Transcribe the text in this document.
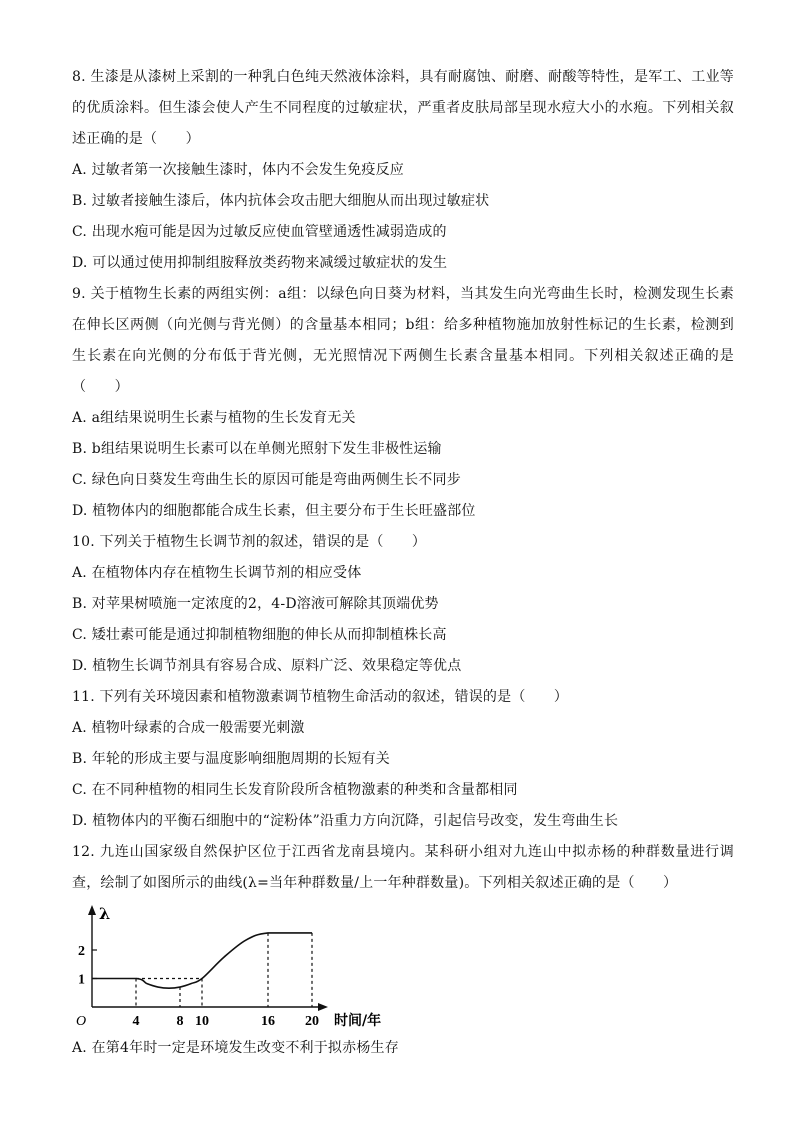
8. 生漆是从漆树上采割的一种乳白色纯天然液体涂料，具有耐腐蚀、耐磨、耐酸等特性，是军工、工业等的优质涂料。但生漆会使人产生不同程度的过敏症状，严重者皮肤局部呈现水痘大小的水疱。下列相关叙述正确的是（　　）

A. 过敏者第一次接触生漆时，体内不会发生免疫反应

B. 过敏者接触生漆后，体内抗体会攻击肥大细胞从而出现过敏症状

C. 出现水疱可能是因为过敏反应使血管壁通透性减弱造成的

D. 可以通过使用抑制组胺释放类药物来减缓过敏症状的发生

9. 关于植物生长素的两组实例：a组：以绿色向日葵为材料，当其发生向光弯曲生长时，检测发现生长素在伸长区两侧（向光侧与背光侧）的含量基本相同；b组：给多种植物施加放射性标记的生长素，检测到生长素在向光侧的分布低于背光侧，无光照情况下两侧生长素含量基本相同。下列相关叙述正确的是（　　）

A. a组结果说明生长素与植物的生长发育无关

B. b组结果说明生长素可以在单侧光照射下发生非极性运输

C. 绿色向日葵发生弯曲生长的原因可能是弯曲两侧生长不同步

D. 植物体内的细胞都能合成生长素，但主要分布于生长旺盛部位

10. 下列关于植物生长调节剂的叙述，错误的是（　　）

A. 在植物体内存在植物生长调节剂的相应受体

B. 对苹果树喷施一定浓度的2，4-D溶液可解除其顶端优势

C. 矮壮素可能是通过抑制植物细胞的伸长从而抑制植株长高

D. 植物生长调节剂具有容易合成、原料广泛、效果稳定等优点

11. 下列有关环境因素和植物激素调节植物生命活动的叙述，错误的是（　　）

A. 植物叶绿素的合成一般需要光刺激

B. 年轮的形成主要与温度影响细胞周期的长短有关

C. 在不同种植物的相同生长发育阶段所含植物激素的种类和含量都相同

D. 植物体内的平衡石细胞中的“淀粉体”沿重力方向沉降，引起信号改变，发生弯曲生长

12. 九连山国家级自然保护区位于江西省龙南县境内。某科研小组对九连山中拟赤杨的种群数量进行调查，绘制了如图所示的曲线(λ=当年种群数量/上一年种群数量)。下列相关叙述正确的是（　　）

1
2
4	8 10	16 20
O
λ
时间/年

A. 在第4年时一定是环境发生改变不利于拟赤杨生存
